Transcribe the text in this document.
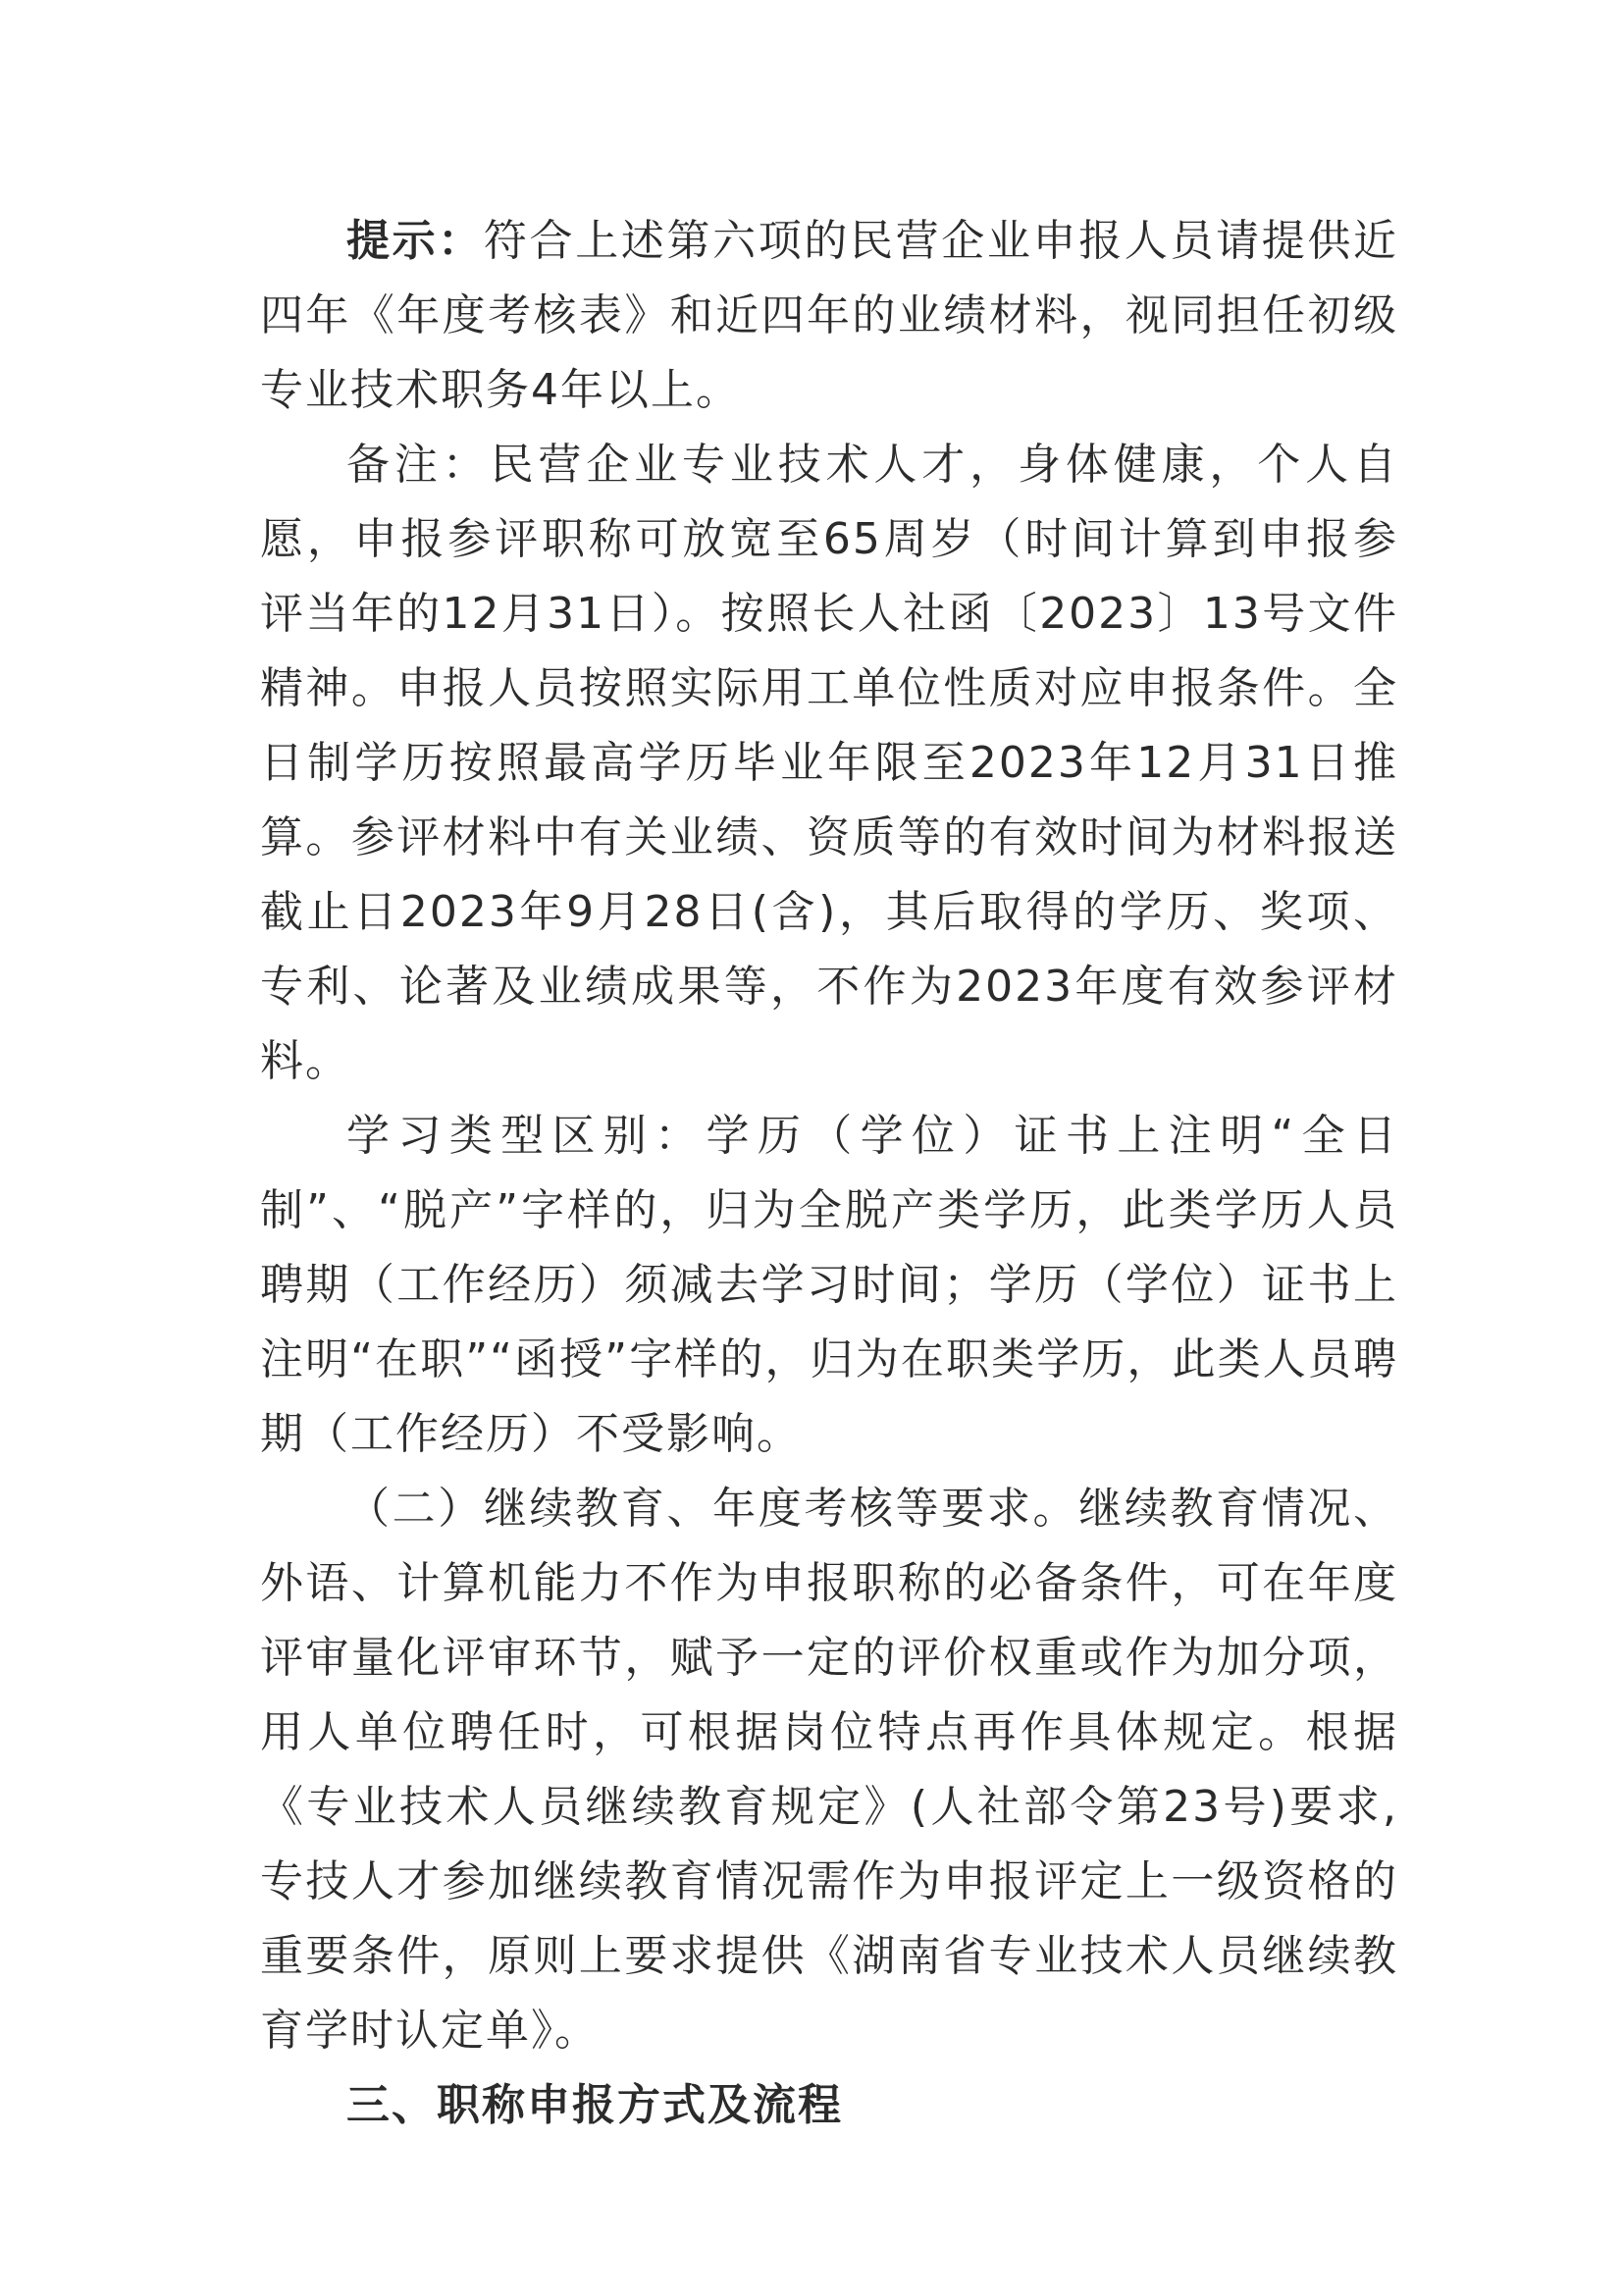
提示：符合上述第六项的民营企业申报人员请提供近四年《年度考核表》和近四年的业绩材料，视同担任初级专业技术职务4年以上。

备注：民营企业专业技术人才，身体健康，个人自愿，申报参评职称可放宽至65周岁（时间计算到申报参评当年的12月31日）。按照长人社函〔2023〕13号文件精神。申报人员按照实际用工单位性质对应申报条件。全日制学历按照最高学历毕业年限至2023年12月31日推算。参评材料中有关业绩、资质等的有效时间为材料报送截止日2023年9月28日(含)，其后取得的学历、奖项、专利、论著及业绩成果等，不作为2023年度有效参评材料。

学习类型区别：学历（学位）证书上注明“全日制”、“脱产”字样的，归为全脱产类学历，此类学历人员聘期（工作经历）须减去学习时间；学历（学位）证书上注明“在职”“函授”字样的，归为在职类学历，此类人员聘期（工作经历）不受影响。

（二）继续教育、年度考核等要求。继续教育情况、外语、计算机能力不作为申报职称的必备条件，可在年度评审量化评审环节，赋予一定的评价权重或作为加分项，用人单位聘任时，可根据岗位特点再作具体规定。根据《专业技术人员继续教育规定》(人社部令第23号)要求,专技人才参加继续教育情况需作为申报评定上一级资格的重要条件，原则上要求提供《湖南省专业技术人员继续教育学时认定单》。

三、职称申报方式及流程
